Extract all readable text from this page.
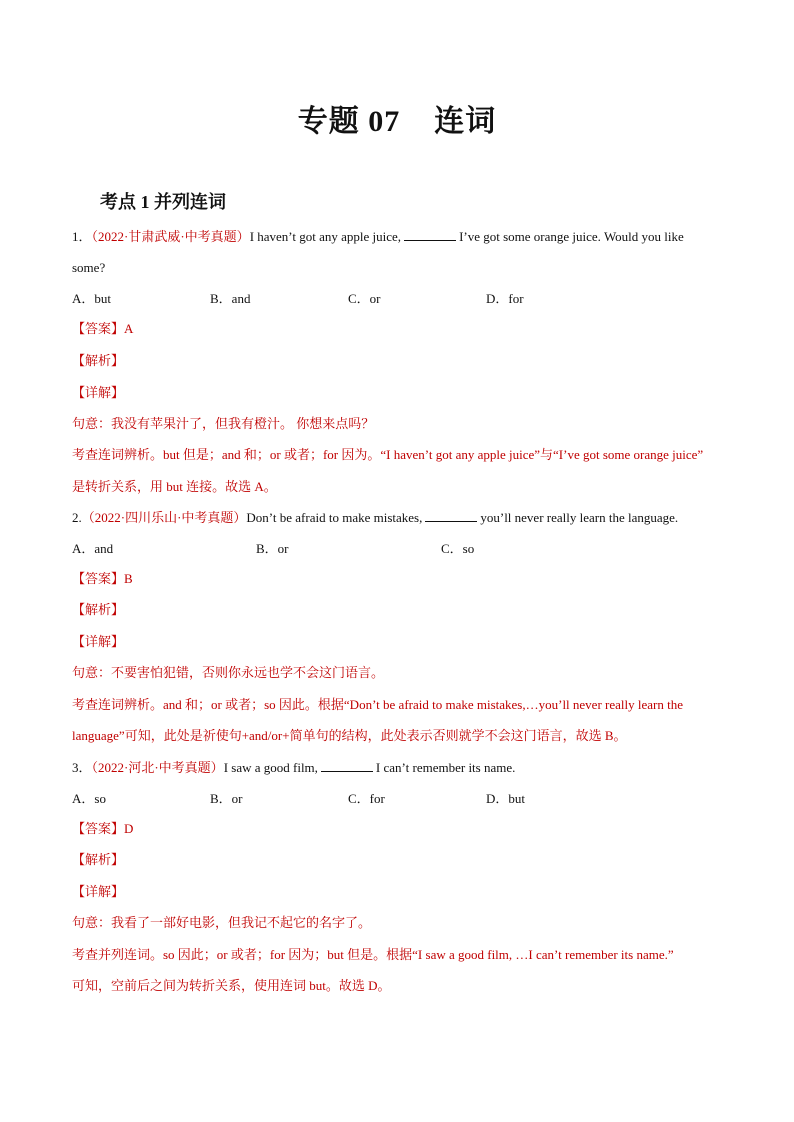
专题 07 连词
考点 1 并列连词
1．（2022·甘肃武威·中考真题）I haven’t got any apple juice,	I’ve got some orange juice. Would you like
some?
A．but	B．and	C．or	D．for
【答案】A
【解析】
【详解】
句意：我没有苹果汁了，但我有橙汁。 你想来点吗？
考查连词辨析。but 但是；and 和；or 或者；for 因为。“I haven’t got any apple juice”与“I’ve got some orange juice”
是转折关系，用 but 连接。故选 A。
2.（2022·四川乐山·中考真题）Don’t be afraid to make mistakes,	you’ll never really learn the language.
A．and	B．or	C．so
【答案】B
【解析】
【详解】
句意：不要害怕犯错，否则你永远也学不会这门语言。
考查连词辨析。and 和；or 或者；so 因此。根据“Don’t be afraid to make mistakes,…you’ll never really learn the
language”可知，此处是祈使句+and/or+简单句的结构，此处表示否则就学不会这门语言，故选 B。
3．（2022·河北·中考真题）I saw a good film,	I can’t remember its name.
A．so	B．or	C．for	D．but
【答案】D
【解析】
【详解】
句意：我看了一部好电影，但我记不起它的名字了。
考查并列连词。so 因此；or 或者；for 因为；but 但是。根据“I saw a good film, …I can’t remember its name.”
可知，空前后之间为转折关系，使用连词 but。故选 D。
